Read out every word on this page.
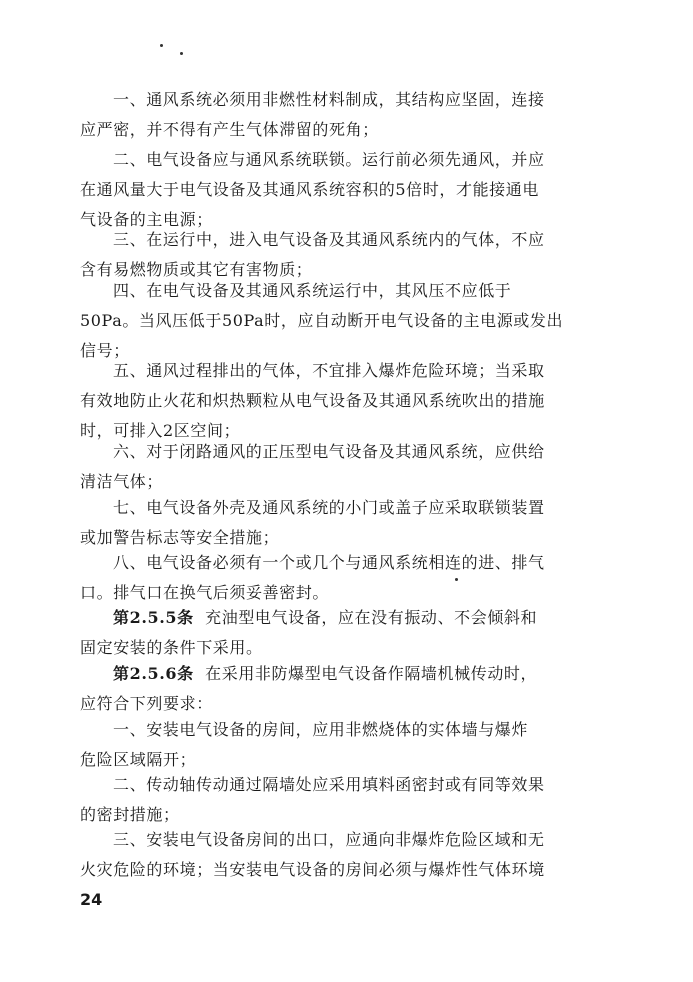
一、通风系统必须用非燃性材料制成，其结构应坚固，连接
应严密，并不得有产生气体滞留的死角；
二、电气设备应与通风系统联锁。运行前必须先通风，并应
在通风量大于电气设备及其通风系统容积的5倍时，才能接通电
气设备的主电源；
三、在运行中，进入电气设备及其通风系统内的气体，不应
含有易燃物质或其它有害物质；
四、在电气设备及其通风系统运行中，其风压不应低于
50Pa。当风压低于50Pa时，应自动断开电气设备的主电源或发出
信号；
五、通风过程排出的气体，不宜排入爆炸危险环境；当采取
有效地防止火花和炽热颗粒从电气设备及其通风系统吹出的措施
时，可排入2区空间；
六、对于闭路通风的正压型电气设备及其通风系统，应供给
清洁气体；
七、电气设备外壳及通风系统的小门或盖子应采取联锁装置
或加警告标志等安全措施；
八、电气设备必须有一个或几个与通风系统相连的进、排气
口。排气口在换气后须妥善密封。
第2.5.5条 充油型电气设备，应在没有振动、不会倾斜和
固定安装的条件下采用。
第2.5.6条 在采用非防爆型电气设备作隔墙机械传动时，
应符合下列要求：
一、安装电气设备的房间，应用非燃烧体的实体墙与爆炸
危险区域隔开；
二、传动轴传动通过隔墙处应采用填料函密封或有同等效果
的密封措施；
三、安装电气设备房间的出口，应通向非爆炸危险区域和无
火灾危险的环境；当安装电气设备的房间必须与爆炸性气体环境
24
